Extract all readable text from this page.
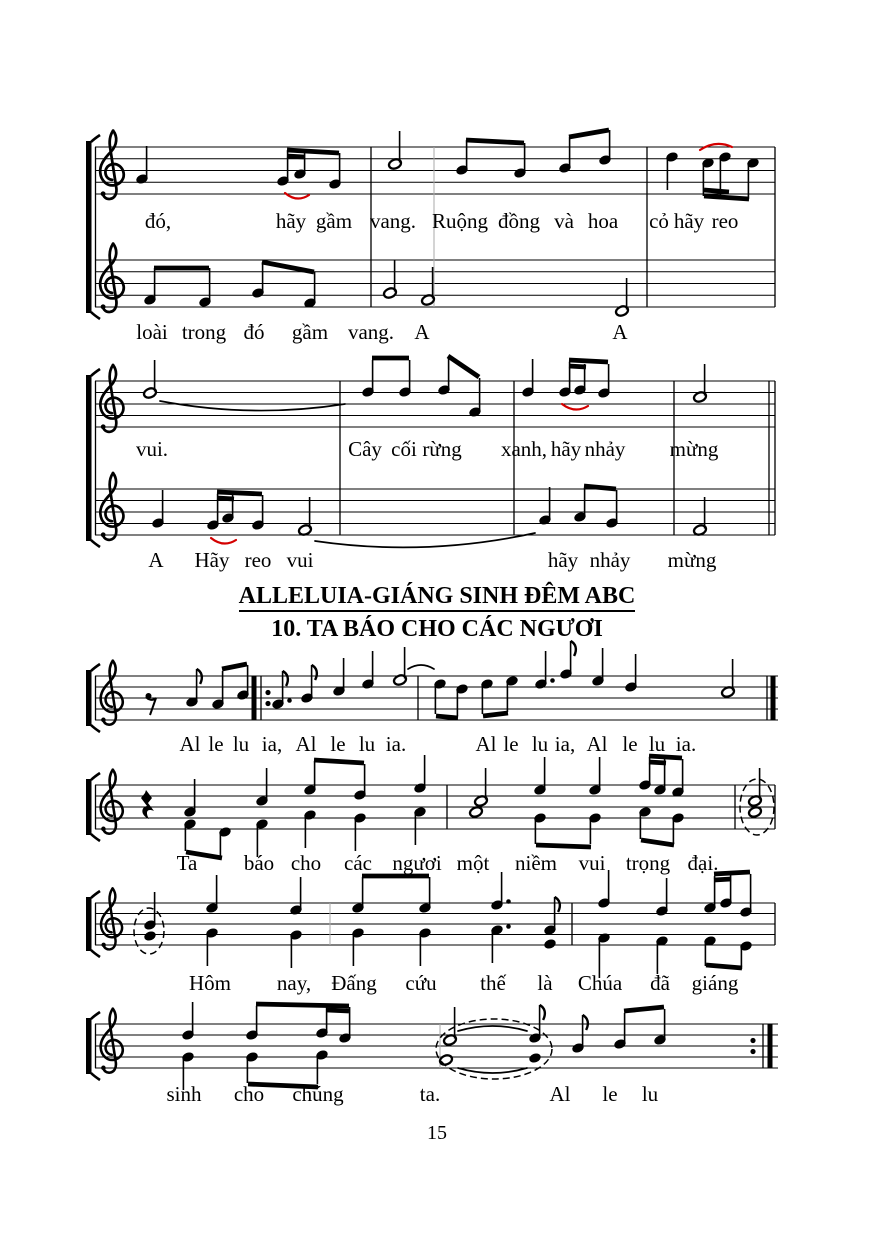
ALLELUIA-GIÁNG SINH ĐÊM ABC
10. TA BÁO CHO CÁC NGƯƠI
15
đó,	hãy gầm vang. Ruộng đồng và hoa cỏ hãy reo
loài trong đó gầm vang. A	A
vui.	Cây cối rừng xanh, hãy nhảy mừng
A Hãy reo vui	hãy nhảy mừng
Al le lu ia, Al le lu ia.	Al le lu ia, Al le lu ia.
Ta báo cho các ngươi một niềm vui trọng đại.
Hôm nay, Đấng cứu thế là Chúa đã giáng
sinh cho chúng	ta.	Al le lu
